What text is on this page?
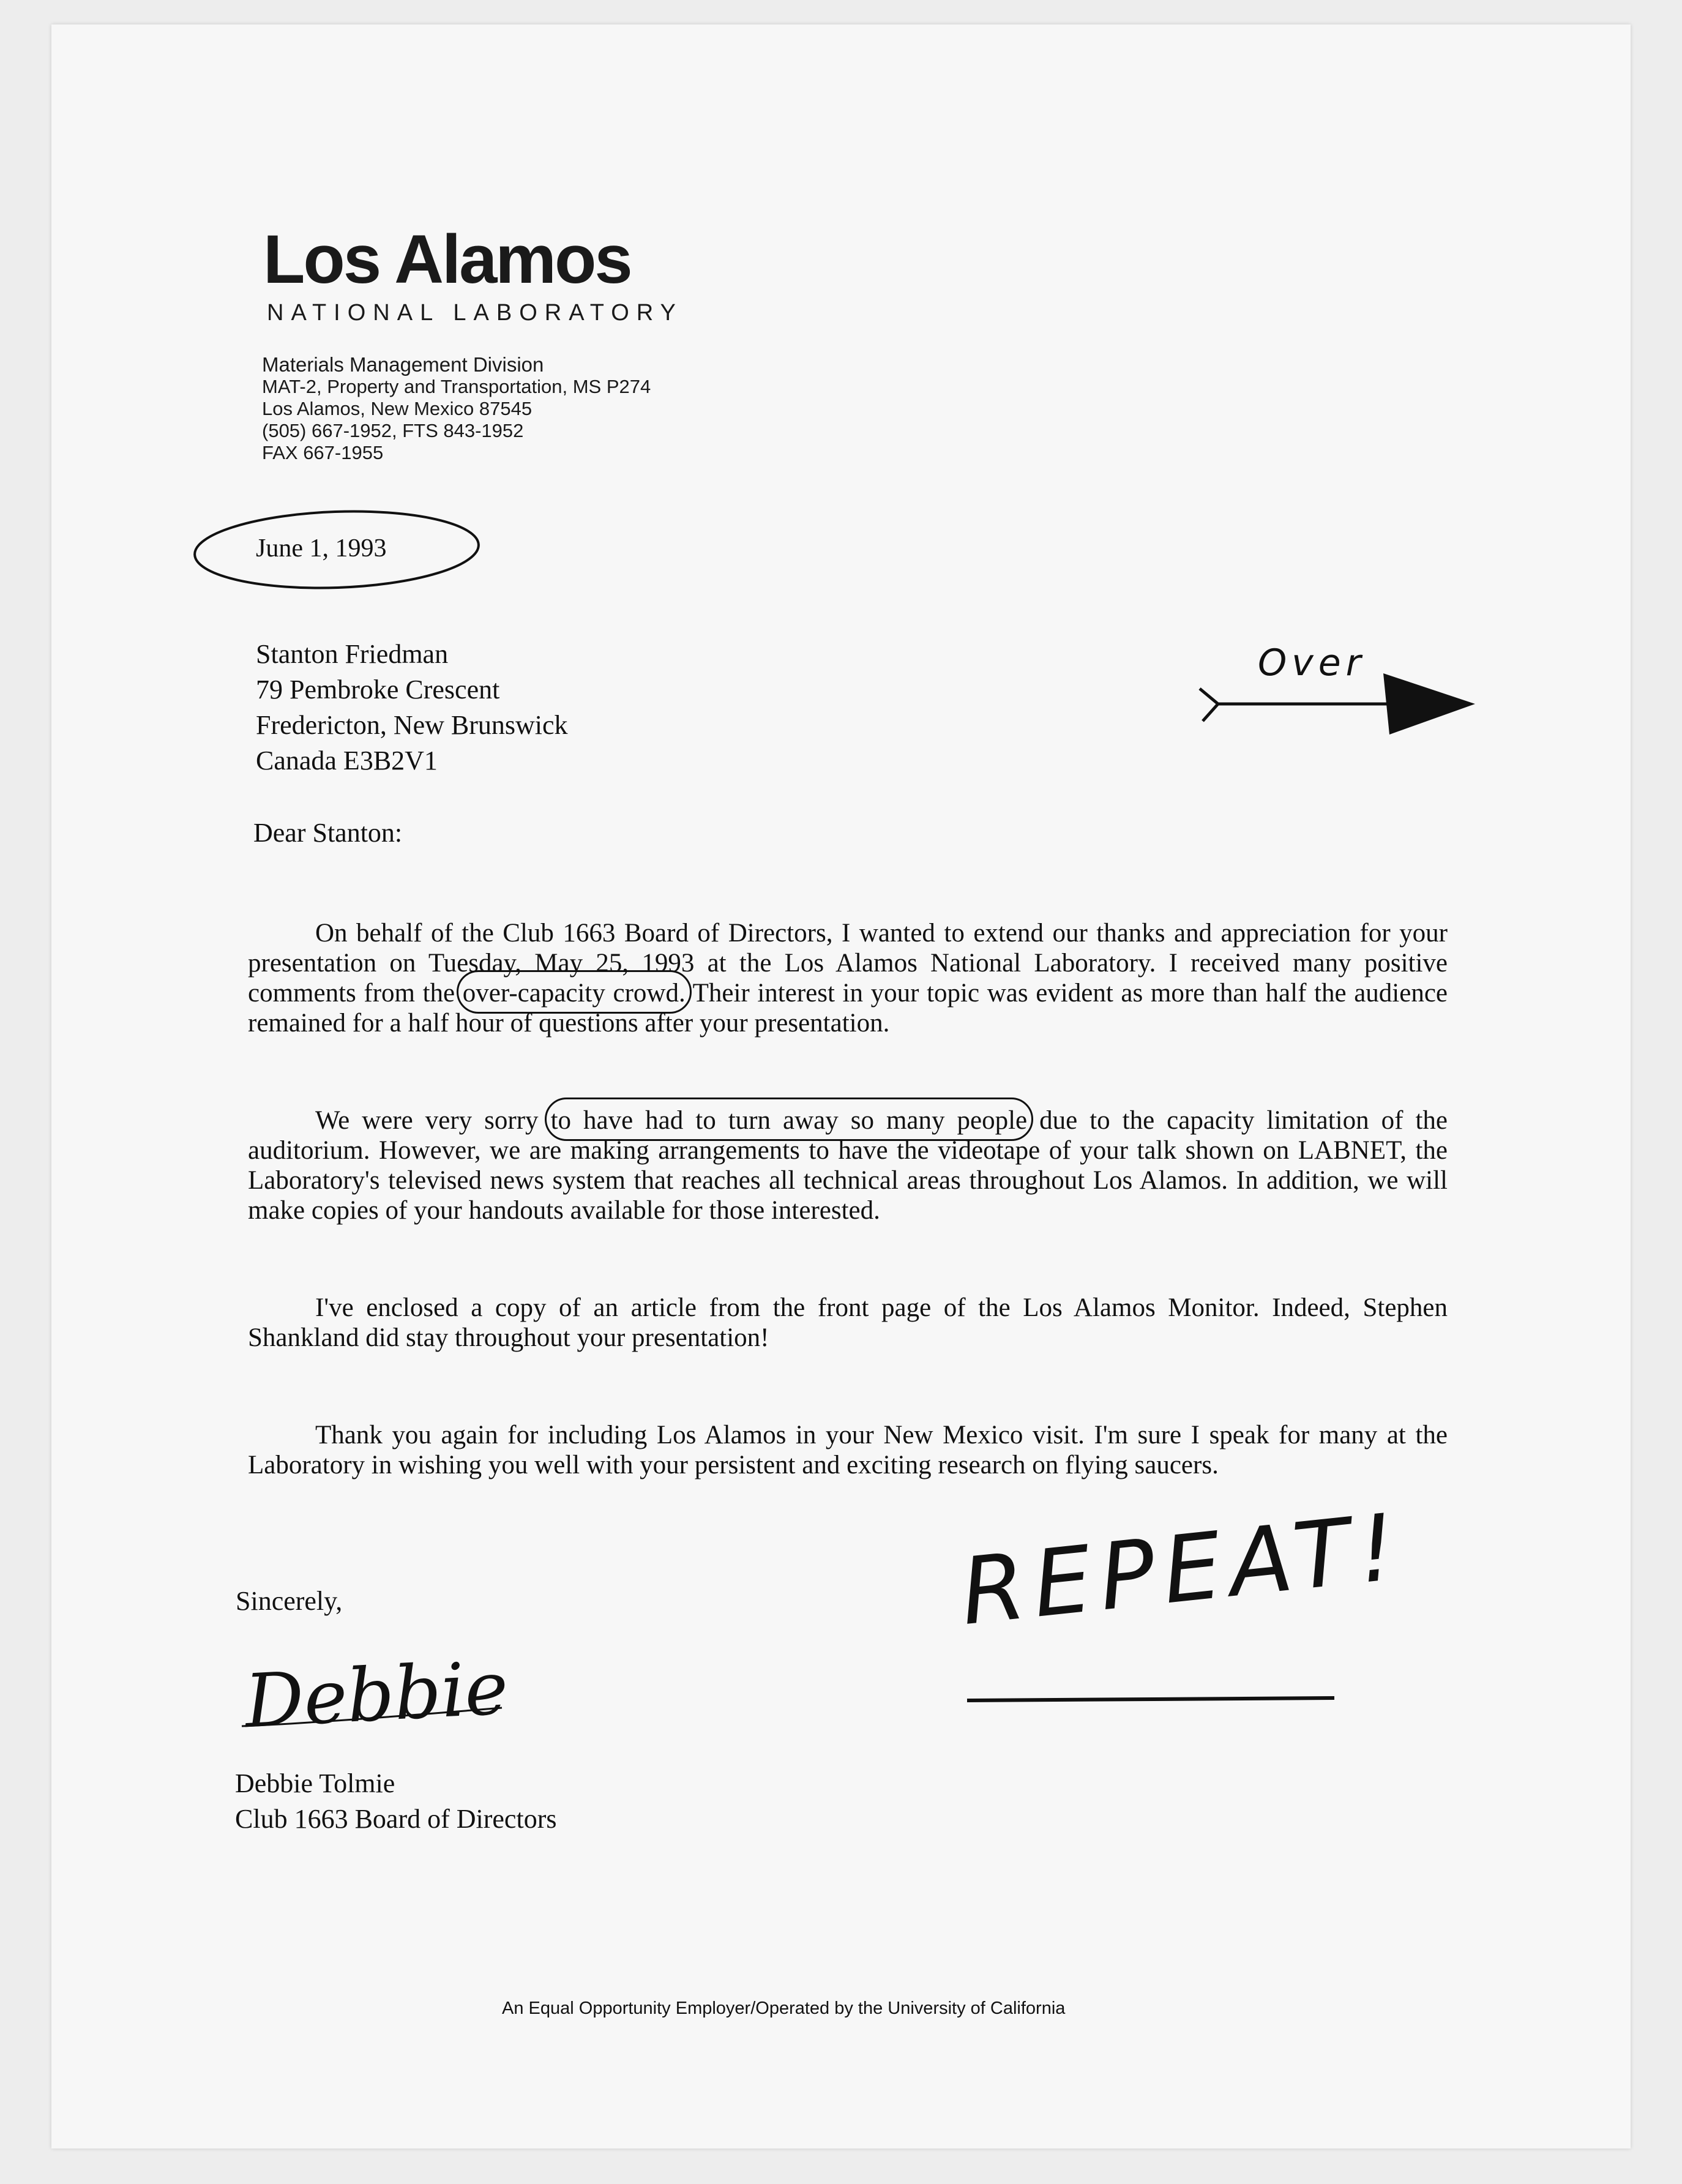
Los Alamos
NATIONAL LABORATORY
Materials Management Division
MAT-2, Property and Transportation, MS P274
Los Alamos, New Mexico 87545
(505) 667-1952, FTS 843-1952
FAX 667-1955
June 1, 1993
Stanton Friedman
79 Pembroke Crescent
Fredericton, New Brunswick
Canada E3B2V1
Dear Stanton:

On behalf of the Club 1663 Board of Directors, I wanted to extend our thanks and appreciation for your presentation on Tuesday, May 25, 1993 at the Los Alamos National Laboratory. I received many positive comments from the over-capacity crowd. Their interest in your topic was evident as more than half the audience remained for a half hour of questions after your presentation.

We were very sorry to have had to turn away so many people due to the capacity limitation of the auditorium. However, we are making arrangements to have the videotape of your talk shown on LABNET, the Laboratory's televised news system that reaches all technical areas throughout Los Alamos. In addition, we will make copies of your handouts available for those interested.

I've enclosed a copy of an article from the front page of the Los Alamos Monitor. Indeed, Stephen Shankland did stay throughout your presentation!

Thank you again for including Los Alamos in your New Mexico visit. I'm sure I speak for many at the Laboratory in wishing you well with your persistent and exciting research on flying saucers.

Sincerely,
Debbie
Debbie Tolmie
Club 1663 Board of Directors
Over
REPEAT!
An Equal Opportunity Employer/Operated by the University of California
